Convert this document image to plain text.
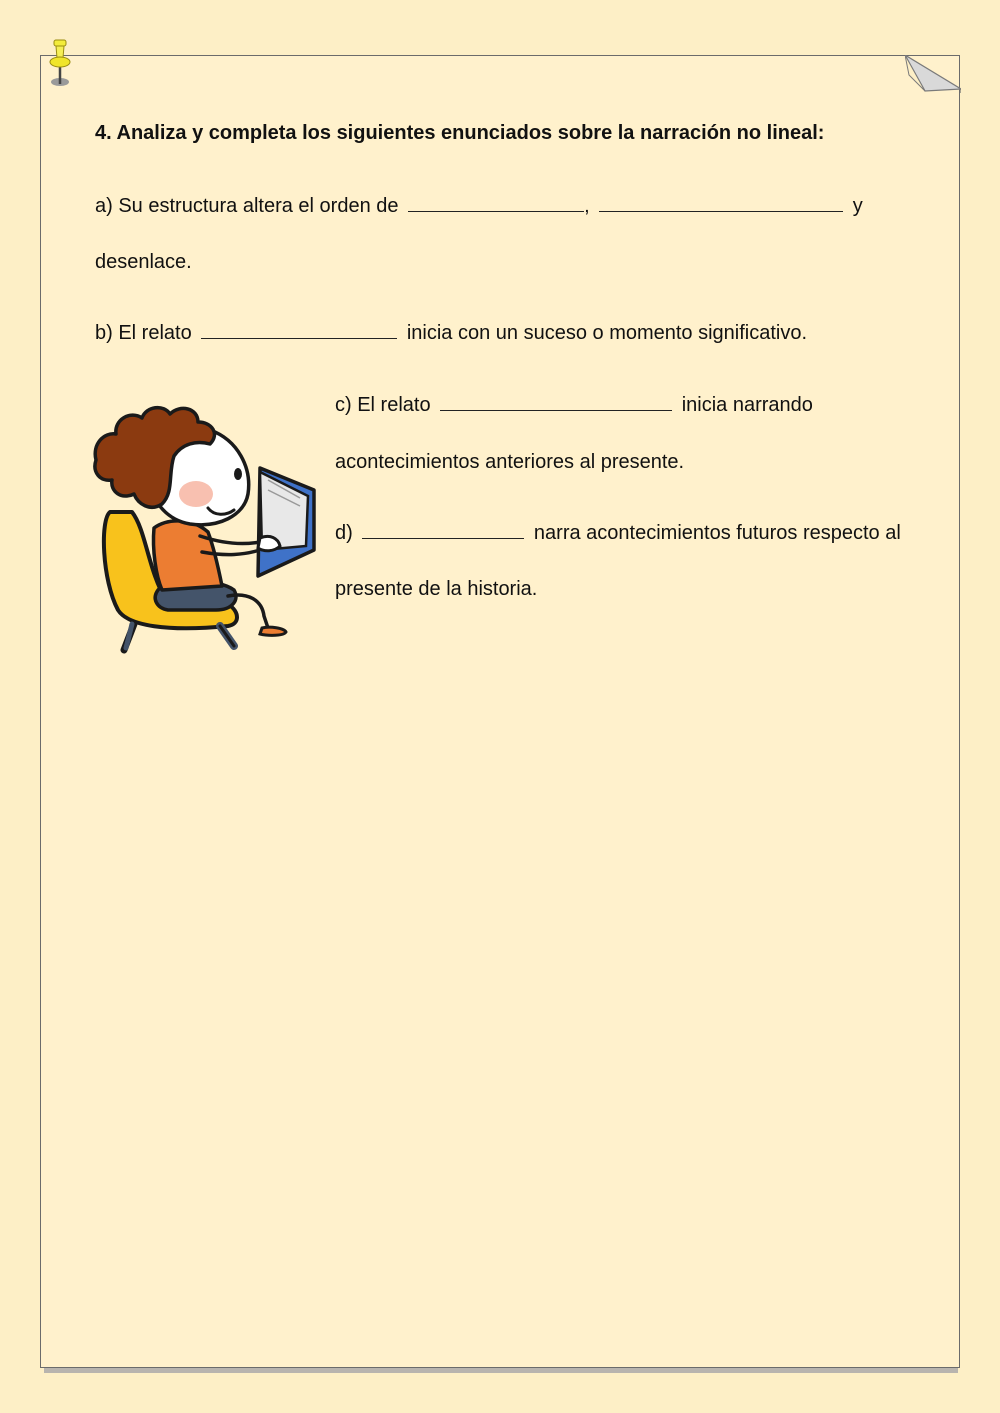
4. Analiza y completa los siguientes enunciados sobre la narración no lineal:
a) Su estructura altera el orden de	,	y
desenlace.
b) El relato	inicia con un suceso o momento significativo.
c) El relato	inicia narrando
acontecimientos anteriores al presente.
d)	narra acontecimientos futuros respecto al
presente de la historia.
